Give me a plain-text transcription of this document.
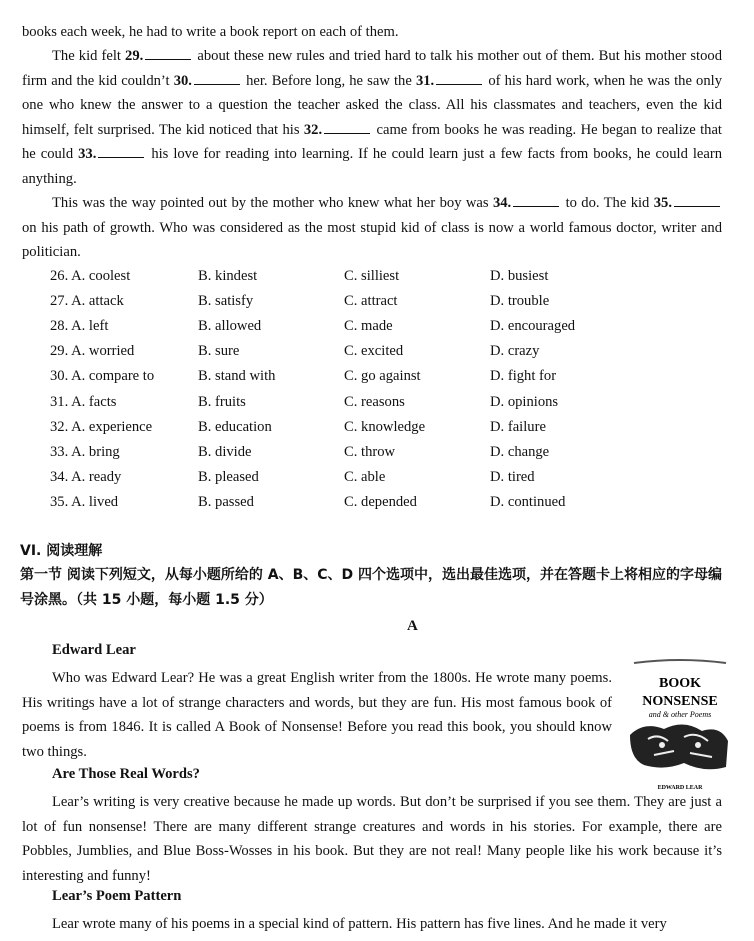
books each week, he had to write a book report on each of them.
The kid felt 29.	about these new rules and tried hard to talk his mother out of them. But his mother stood firm and the kid couldn’t 30.	her. Before long, he saw the 31.	of his hard work, when he was the only one who knew the answer to a question the teacher asked the class. All his classmates and teachers, even the kid himself, felt surprised. The kid noticed that his 32.	came from books he was reading. He began to realize that he could 33.	his love for reading into learning. If he could learn just a few facts from books, he could learn anything.
This was the way pointed out by the mother who knew what her boy was 34.	to do. The kid 35. on his path of growth. Who was considered as the most stupid kid of class is now a world famous doctor, writer and politician.
26. A. coolest	B. kindest	C. silliest	D. busiest
27. A. attack	B. satisfy	C. attract	D. trouble
28. A. left	B. allowed	C. made	D. encouraged
29. A. worried	B. sure	C. excited	D. crazy
30. A. compare to	B. stand with	C. go against	D. fight for
31. A. facts	B. fruits	C. reasons	D. opinions
32. A. experience	B. education	C. knowledge	D. failure
33. A. bring	B. divide	C. throw	D. change
34. A. ready	B. pleased	C. able	D. tired
35. A. lived	B. passed	C. depended	D. continued
VI. 阅读理解
第一节 阅读下列短文，从每小题所给的 A、B、C、D 四个选项中，选出最佳选项，并在答题卡上将相应的字母编号涂黑。（共 15 小题，每小题 1.5 分）
A
Edward Lear
Who was Edward Lear? He was a great English writer from the 1800s. He wrote many poems. His writings have a lot of strange characters and words, but they are fun. His most famous book of poems is from 1846. It is called A Book of Nonsense! Before you read this book, you should know two things.
BOOK
NONSENSE
and & other Poems
EDWARD LEAR
Are Those Real Words?
Lear’s writing is very creative because he made up words. But don’t be surprised if you see them. They are just a lot of fun nonsense! There are many different strange creatures and words in his stories. For example, there are Pobbles, Jumblies, and Blue Boss-Wosses in his book. But they are not real! Many people like his work because it’s interesting and funny!
Lear’s Poem Pattern
Lear wrote many of his poems in a special kind of pattern. His pattern has five lines. And he made it very
